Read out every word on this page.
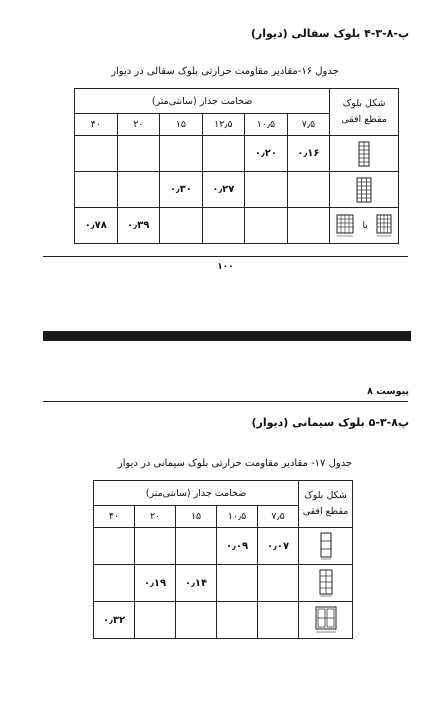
پ-۸-۳-۴ بلوک سفالی (دیوار)
جدول ۱۶-مقادیر مقاومت حرارتی بلوک سفالی در دیوار
شکل بلوک
مقطع افقی	ضخامت جدار (سانتی‌متر)					
	۷٫۵	۱۰٫۵	۱۲٫۵	۱۵	۲۰	۴۰

	۰٫۱۶	۰٫۲۰				

			۰٫۲۷	۰٫۳۰		

یا					۰٫۳۹	۰٫۷۸
۱۰۰
پیوست ۸
پ۸-۳-۵ بلوک سیمانی (دیوار)
جدول ۱۷- مقادیر مقاومت حرارتی بلوک سیمانی در دیوار
شکل بلوک
مقطع افقی	ضخامت جدار (سانتی‌متر)				
	۷٫۵	۱۰٫۵	۱۵	۲۰	۴۰

	۰٫۰۷	۰٫۰۹			

			۰٫۱۴	۰٫۱۹	

					۰٫۳۲
